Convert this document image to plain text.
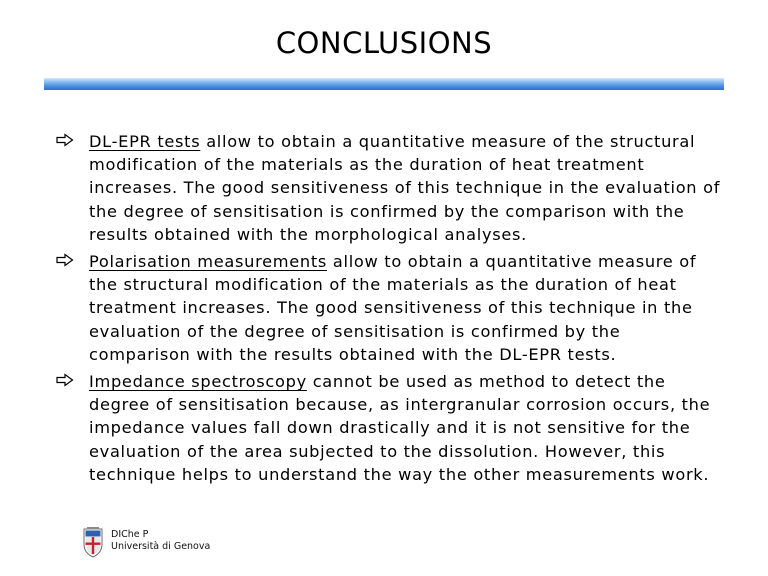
CONCLUSIONS
DL-EPR tests allow to obtain a quantitative measure of the structural modification of the materials as the duration of heat treatment increases. The good sensitiveness of this technique in the evaluation of the degree of sensitisation is confirmed by the comparison with the results obtained with the morphological analyses.
Polarisation measurements allow to obtain a quantitative measure of the structural modification of the materials as the duration of heat treatment increases. The good sensitiveness of this technique in the evaluation of the degree of sensitisation is confirmed by the comparison with the results obtained with the DL-EPR tests.
Impedance spectroscopy cannot be used as method to detect the degree of sensitisation because, as intergranular corrosion occurs, the impedance values fall down drastically and it is not sensitive for the evaluation of the area subjected to the dissolution. However, this technique helps to understand the way the other measurements work.
DIChe P
Università di Genova
